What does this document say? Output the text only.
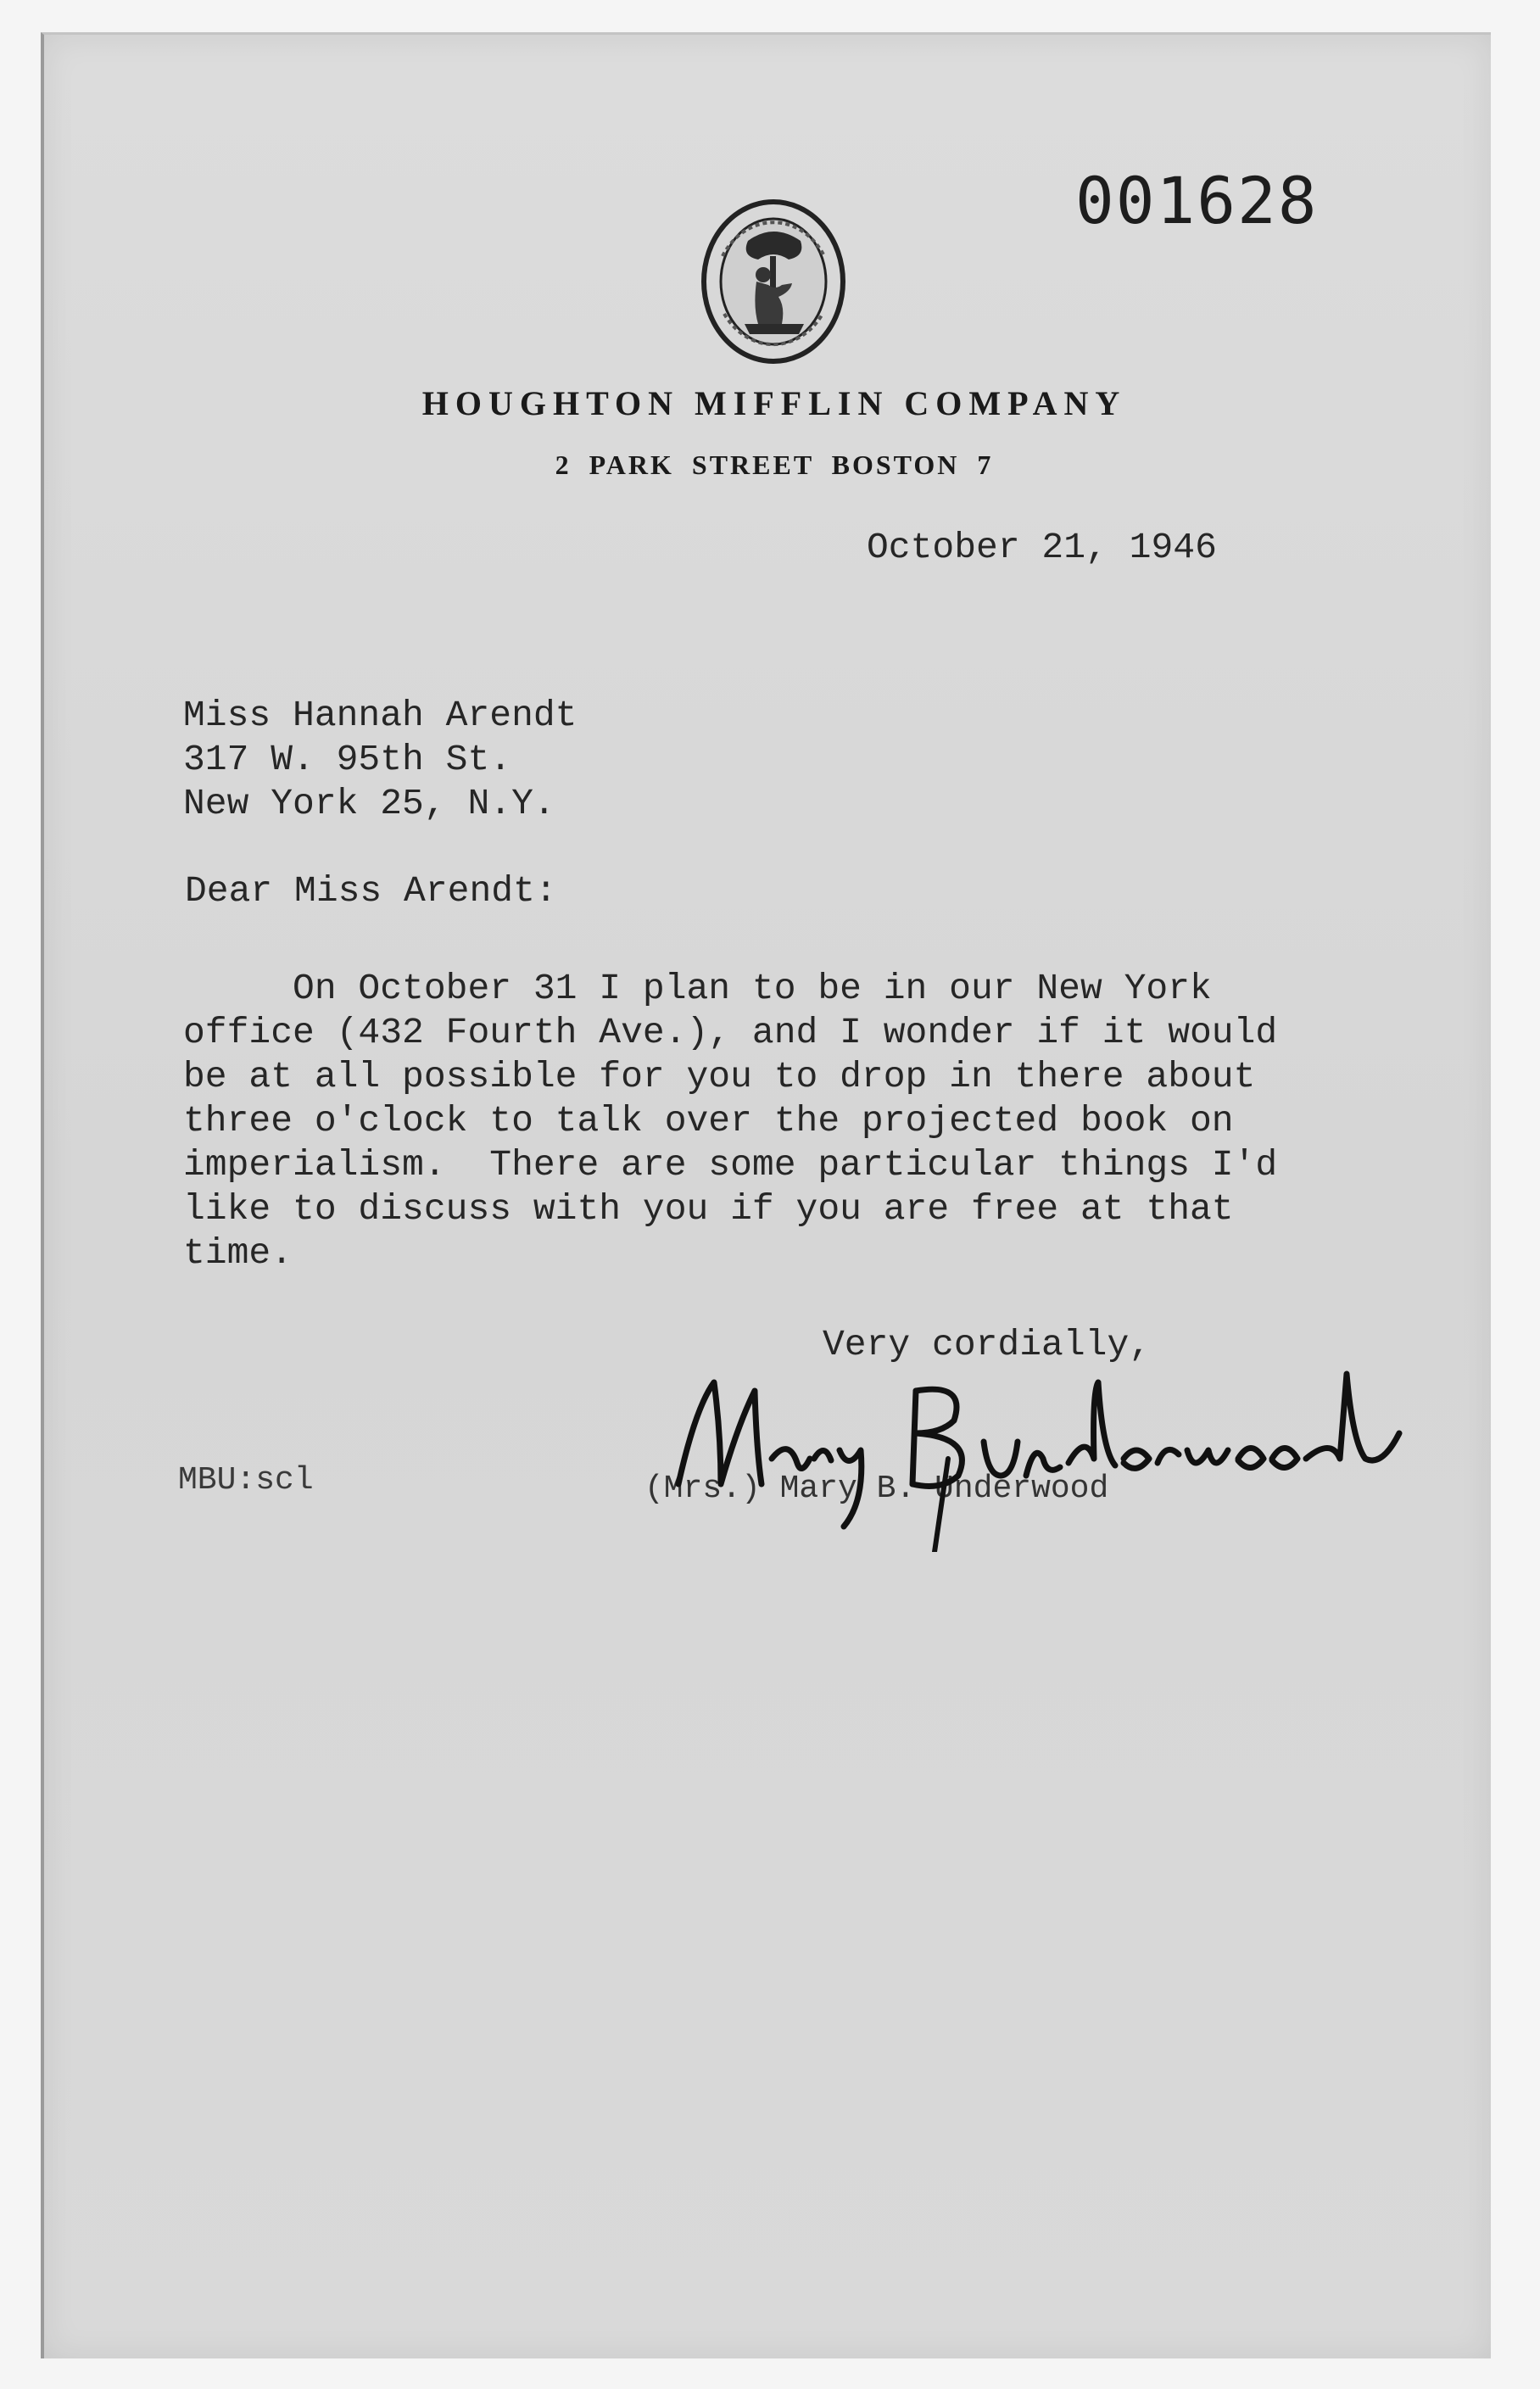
001628
HOUGHTON MIFFLIN COMPANY
2 PARK STREET BOSTON 7
October 21, 1946
Miss Hannah Arendt
317 W. 95th St.
New York 25, N.Y.
Dear Miss Arendt:
On October 31 I plan to be in our New York
office (432 Fourth Ave.), and I wonder if it would
be at all possible for you to drop in there about
three o'clock to talk over the projected book on
imperialism.  There are some particular things I'd
like to discuss with you if you are free at that
time.
Very cordially,
(Mrs.) Mary B. Underwood
MBU:scl
